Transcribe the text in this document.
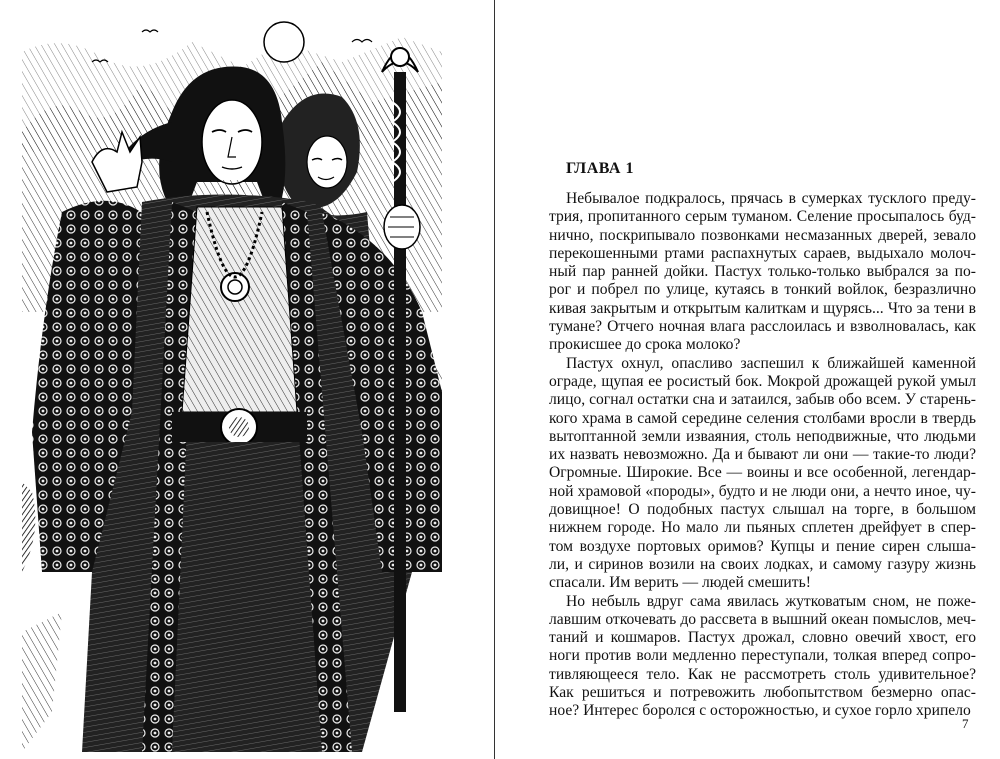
ГЛАВА 1

Небывалое подкралось, прячась в сумерках тусклого преду-
трия, пропитанного серым туманом. Селение просыпалось буд-
нично, поскрипывало позвонками несмазанных дверей, зевало
перекошенными ртами распахнутых сараев, выдыхало молоч-
ный пар ранней дойки. Пастух только-только выбрался за по-
рог и побрел по улице, кутаясь в тонкий войлок, безразлично
кивая закрытым и открытым калиткам и щурясь... Что за тени в
тумане? Отчего ночная влага расслоилась и взволновалась, как
прокисшее до срока молоко?

Пастух охнул, опасливо заспешил к ближайшей каменной
ограде, щупая ее росистый бок. Мокрой дрожащей рукой умыл
лицо, согнал остатки сна и затаился, забыв обо всем. У старень-
кого храма в самой середине селения столбами вросли в твердь
вытоптанной земли изваяния, столь неподвижные, что людьми
их назвать невозможно. Да и бывают ли они — такие-то люди?
Огромные. Широкие. Все — воины и все особенной, легендар-
ной храмовой «породы», будто и не люди они, а нечто иное, чу-
довищное! О подобных пастух слышал на торге, в большом
нижнем городе. Но мало ли пьяных сплетен дрейфует в спер-
том воздухе портовых оримов? Купцы и пение сирен слыша-
ли, и сиринов возили на своих лодках, и самому газуру жизнь
спасали. Им верить — людей смешить!

Но небыль вдруг сама явилась жутковатым сном, не поже-
лавшим откочевать до рассвета в вышний океан помыслов, меч-
таний и кошмаров. Пастух дрожал, словно овечий хвост, его
ноги против воли медленно переступали, толкая вперед сопро-
тивляющееся тело. Как не рассмотреть столь удивительное?
Как решиться и потревожить любопытством безмерно опас-
ное? Интерес боролся с осторожностью, и сухое горло хрипело

7
